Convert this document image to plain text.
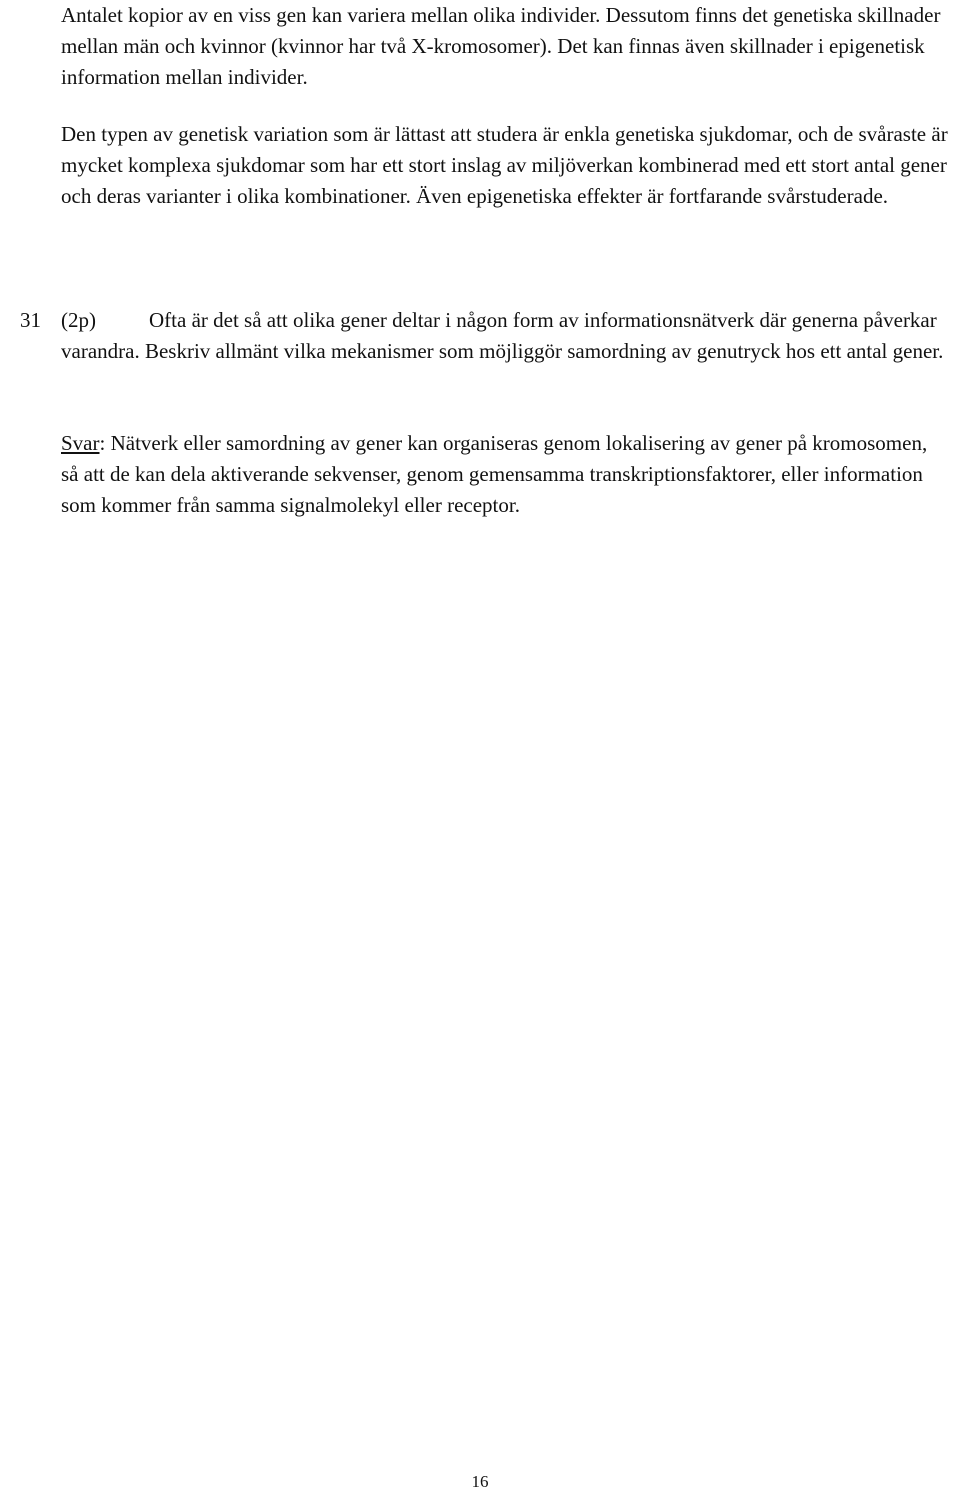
Antalet kopior av en viss gen kan variera mellan olika individer. Dessutom finns det genetiska skillnader mellan män och kvinnor (kvinnor har två X-kromosomer). Det kan finnas även skillnader i epigenetisk information mellan individer.

Den typen av genetisk variation som är lättast att studera är enkla genetiska sjukdomar, och de svåraste är mycket komplexa sjukdomar som har ett stort inslag av miljöverkan kombinerad med ett stort antal gener och deras varianter i olika kombinationer. Även epigenetiska effekter är fortfarande svårstuderade.

31 (2p)	Ofta är det så att olika gener deltar i någon form av informationsnätverk där generna påverkar varandra. Beskriv allmänt vilka mekanismer som möjliggör samordning av genutryck hos ett antal gener.

Svar: Nätverk eller samordning av gener kan organiseras genom lokalisering av gener på kromosomen, så att de kan dela aktiverande sekvenser, genom gemensamma transkriptionsfaktorer, eller information som kommer från samma signalmolekyl eller receptor.

16
